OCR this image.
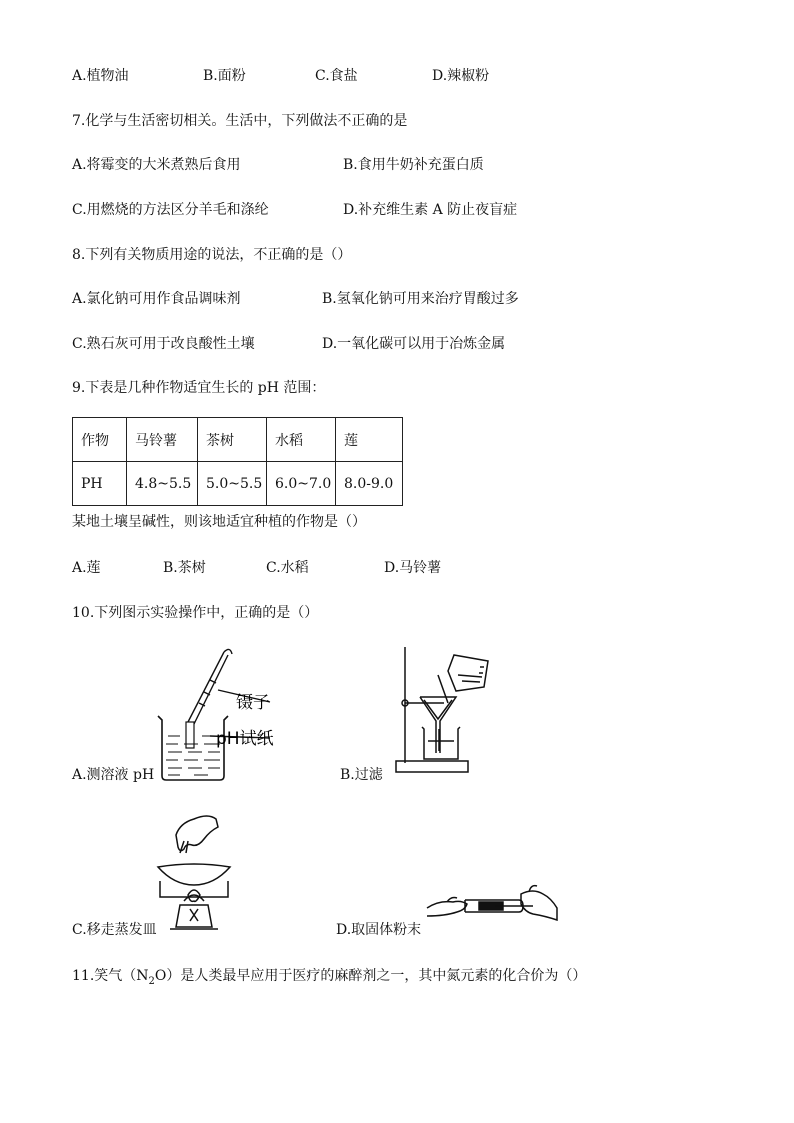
A.植物油	B.面粉	C.食盐	D.辣椒粉
7.化学与生活密切相关。生活中，下列做法不正确的是
A.将霉变的大米煮熟后食用	B.食用牛奶补充蛋白质
C.用燃烧的方法区分羊毛和涤纶	D.补充维生素 A 防止夜盲症
8.下列有关物质用途的说法，不正确的是（）
A.氯化钠可用作食品调味剂	B.氢氧化钠可用来治疗胃酸过多
C.熟石灰可用于改良酸性土壤	D.一氧化碳可以用于冶炼金属
9.下表是几种作物适宜生长的 pH 范围：
作物	马铃薯	茶树	水稻	莲
PH	4.8~5.5	5.0~5.5	6.0~7.0	8.0-9.0
某地土壤呈碱性，则该地适宜种植的作物是（）
A.莲	B.茶树	C.水稻	D.马铃薯
10.下列图示实验操作中，正确的是（）
镊子
pH试纸
A.测溶液 pH	B.过滤
C.移走蒸发皿	D.取固体粉末
11.笑气$(N_2O)$是人类最早应用于医疗的麻醉剂之一，其中氮元素的化合价为（）
